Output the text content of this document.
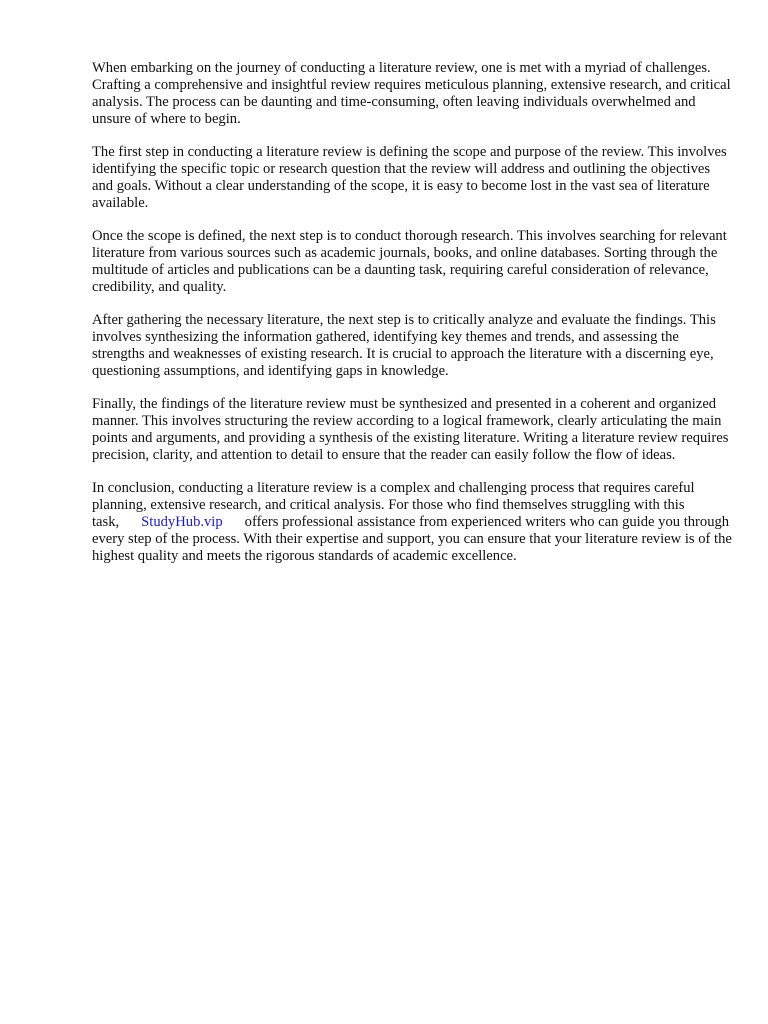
When embarking on the journey of conducting a literature review, one is met with a myriad of challenges. Crafting a comprehensive and insightful review requires meticulous planning, extensive research, and critical analysis. The process can be daunting and time-consuming, often leaving individuals overwhelmed and unsure of where to begin.

The first step in conducting a literature review is defining the scope and purpose of the review. This involves identifying the specific topic or research question that the review will address and outlining the objectives and goals. Without a clear understanding of the scope, it is easy to become lost in the vast sea of literature available.

Once the scope is defined, the next step is to conduct thorough research. This involves searching for relevant literature from various sources such as academic journals, books, and online databases. Sorting through the multitude of articles and publications can be a daunting task, requiring careful consideration of relevance, credibility, and quality.

After gathering the necessary literature, the next step is to critically analyze and evaluate the findings. This involves synthesizing the information gathered, identifying key themes and trends, and assessing the strengths and weaknesses of existing research. It is crucial to approach the literature with a discerning eye, questioning assumptions, and identifying gaps in knowledge.

Finally, the findings of the literature review must be synthesized and presented in a coherent and organized manner. This involves structuring the review according to a logical framework, clearly articulating the main points and arguments, and providing a synthesis of the existing literature. Writing a literature review requires precision, clarity, and attention to detail to ensure that the reader can easily follow the flow of ideas.

In conclusion, conducting a literature review is a complex and challenging process that requires careful planning, extensive research, and critical analysis. For those who find themselves struggling with this task, StudyHub.vip offers professional assistance from experienced writers who can guide you through every step of the process. With their expertise and support, you can ensure that your literature review is of the highest quality and meets the rigorous standards of academic excellence.
